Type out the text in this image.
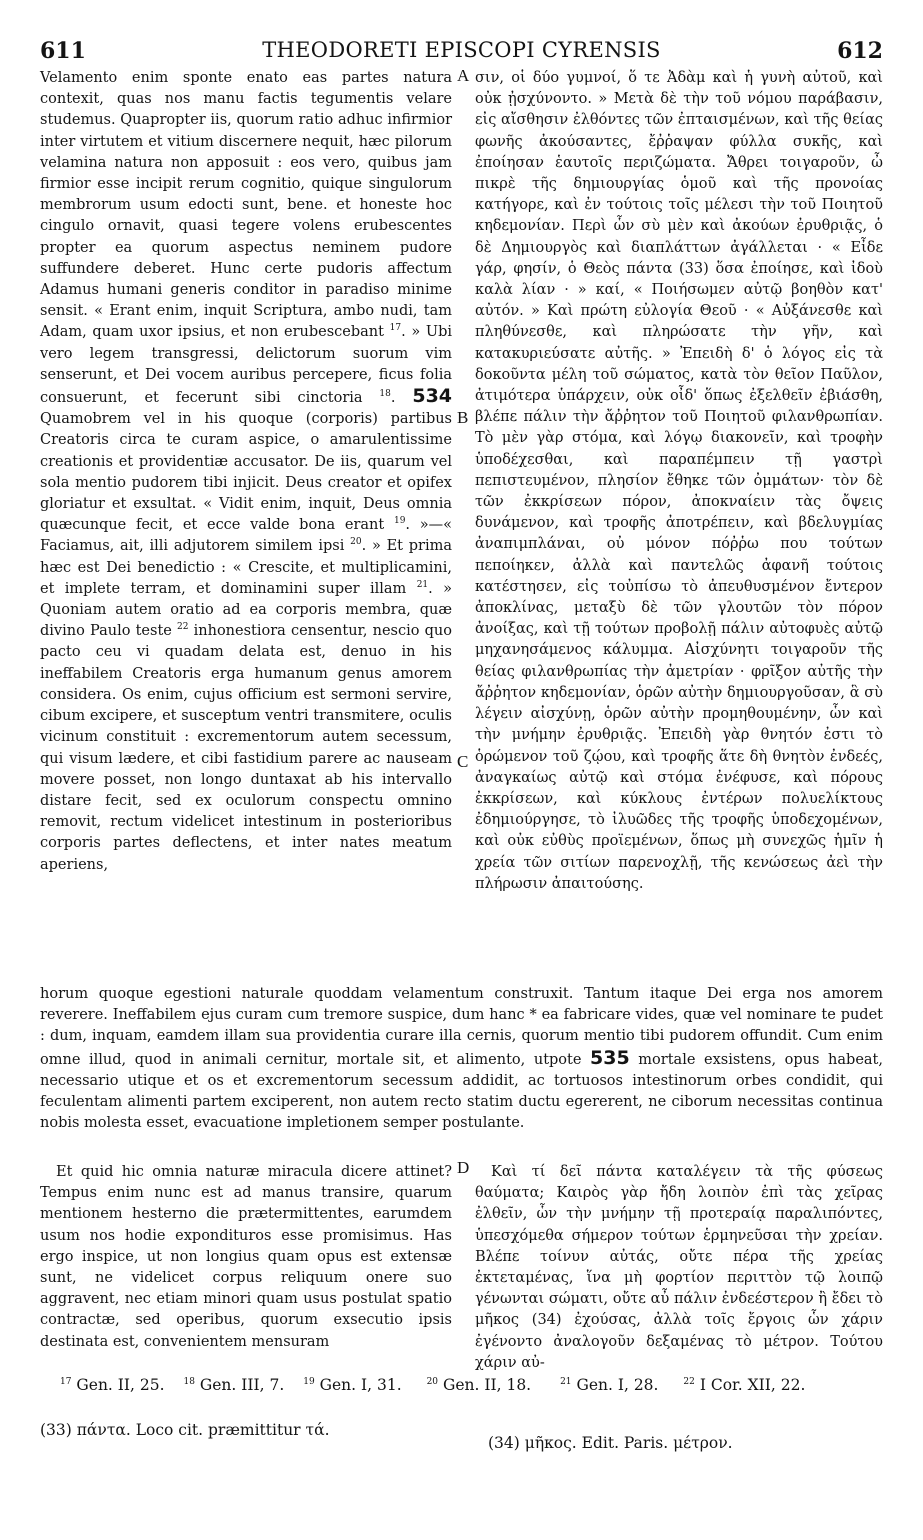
611	THEODORETI EPISCOPI CYRENSIS	612
Velamento enim sponte enato eas partes natura contexit, quas nos manu factis tegumentis velare studemus. Quapropter iis, quorum ratio adhuc infirmior inter virtutem et vitium discernere nequit, hæc pilorum velamina natura non apposuit : eos vero, quibus jam firmior esse incipit rerum cognitio, quique singulorum membrorum usum edocti sunt, bene. et honeste hoc cingulo ornavit, quasi tegere volens erubescentes propter ea quorum aspectus neminem pudore suffundere deberet. Hunc certe pudoris affectum Adamus humani generis conditor in paradiso minime sensit. « Erant enim, inquit Scriptura, ambo nudi, tam Adam, quam uxor ipsius, et non erubescebant $^{17}$. » Ubi vero legem transgressi, delictorum suorum vim senserunt, et Dei vocem auribus percepere, ficus folia consuerunt, et fecerunt sibi cinctoria $^{18}$. 534 Quamobrem vel in his quoque (corporis) partibus Creatoris circa te curam aspice, o amarulentissime creationis et providentiæ accusator. De iis, quarum vel sola mentio pudorem tibi injicit. Deus creator et opifex gloriatur et exsultat. « Vidit enim, inquit, Deus omnia quæcunque fecit, et ecce valde bona erant $^{19}$. »—« Faciamus, ait, illi adjutorem similem ipsi $^{20}$. » Et prima hæc est Dei benedictio : « Crescite, et multiplicamini, et implete terram, et dominamini super illam $^{21}$. » Quoniam autem oratio ad ea corporis membra, quæ divino Paulo teste $^{22}$ inhonestiora censentur, nescio quo pacto ceu vi quadam delata est, denuo in his ineffabilem Creatoris erga humanum genus amorem considera. Os enim, cujus officium est sermoni servire, cibum excipere, et susceptum ventri transmitere, oculis vicinum constituit : excrementorum autem secessum, qui visum lædere, et cibi fastidium parere ac nauseam movere posset, non longo duntaxat ab his intervallo distare fecit, sed ex oculorum conspectu omnino removit, rectum videlicet intestinum in posterioribus corporis partes deflectens, et inter nates meatum aperiens,
σιν, οἱ δύο γυμνοί, ὅ τε Ἀδὰμ καὶ ἡ γυνὴ αὐτοῦ, καὶ οὐκ ᾐσχύνοντο. » Μετὰ δὲ τὴν τοῦ νόμου παράβασιν, εἰς αἴσθησιν ἐλθόντες τῶν ἐπταισμένων, καὶ τῆς θείας φωνῆς ἀκούσαντες, ἔῤῥαψαν φύλλα συκῆς, καὶ ἐποίησαν ἑαυτοῖς περιζώματα. Ἄθρει τοιγαροῦν, ὦ πικρὲ τῆς δημιουργίας ὁμοῦ καὶ τῆς προνοίας κατήγορε, καὶ ἐν τούτοις τοῖς μέλεσι τὴν τοῦ Ποιητοῦ κηδεμονίαν. Περὶ ὧν σὺ μὲν καὶ ἀκούων ἐρυθριᾷς, ὁ δὲ Δημιουργὸς καὶ διαπλάττων ἀγάλλεται · « Εἶδε γάρ, φησίν, ὁ Θεὸς πάντα (33) ὅσα ἐποίησε, καὶ ἰδοὺ καλὰ λίαν · » καί, « Ποιήσωμεν αὐτῷ βοηθὸν κατ' αὐτόν. » Καὶ πρώτη εὐλογία Θεοῦ · « Αὐξάνεσθε καὶ πληθύνεσθε, καὶ πληρώσατε τὴν γῆν, καὶ κατακυριεύσατε αὐτῆς. » Ἐπειδὴ δ' ὁ λόγος εἰς τὰ δοκοῦντα μέλη τοῦ σώματος, κατὰ τὸν θεῖον Παῦλον, ἀτιμότερα ὑπάρχειν, οὐκ οἶδ' ὅπως ἐξελθεῖν ἐβιάσθη, βλέπε πάλιν τὴν ἄῤῥητον τοῦ Ποιητοῦ φιλανθρωπίαν. Τὸ μὲν γὰρ στόμα, καὶ λόγῳ διακονεῖν, καὶ τροφὴν ὑποδέχεσθαι, καὶ παραπέμπειν τῇ γαστρὶ πεπιστευμένον, πλησίον ἔθηκε τῶν ὀμμάτων· τὸν δὲ τῶν ἐκκρίσεων πόρον, ἀποκναίειν τὰς ὄψεις δυνάμενον, καὶ τροφῆς ἀποτρέπειν, καὶ βδελυγμίας ἀναπιμπλάναι, οὐ μόνον πόῤῥω που τούτων πεποίηκεν, ἀλλὰ καὶ παντελῶς ἀφανῆ τούτοις κατέστησεν, εἰς τοὐπίσω τὸ ἀπευθυσμένον ἔντερον ἀποκλίνας, μεταξὺ δὲ τῶν γλουτῶν τὸν πόρον ἀνοίξας, καὶ τῇ τούτων προβολῇ πάλιν αὐτοφυὲς αὐτῷ μηχανησάμενος κάλυμμα. Αἰσχύνητι τοιγαροῦν τῆς θείας φιλανθρωπίας τὴν ἀμετρίαν · φρῖξον αὐτῆς τὴν ἄῤῥητον κηδεμονίαν, ὁρῶν αὐτὴν δημιουργοῦσαν, ἃ σὺ λέγειν αἰσχύνῃ, ὁρῶν αὐτὴν προμηθουμένην, ὧν καὶ τὴν μνήμην ἐρυθριᾷς. Ἐπειδὴ γὰρ θνητόν ἐστι τὸ ὁρώμενον τοῦ ζῴου, καὶ τροφῆς ἅτε δὴ θνητὸν ἐνδεές, ἀναγκαίως αὐτῷ καὶ στόμα ἐνέφυσε, καὶ πόρους ἐκκρίσεων, καὶ κύκλους ἐντέρων πολυελίκτους ἐδημιούργησε, τὸ ἰλυῶδες τῆς τροφῆς ὑποδεχομένων, καὶ οὐκ εὐθὺς προϊεμένων, ὅπως μὴ συνεχῶς ἡμῖν ἡ χρεία τῶν σιτίων παρενοχλῇ, τῆς κενώσεως ἀεὶ τὴν πλήρωσιν ἀπαιτούσης.
A
B
C
D
horum quoque egestioni naturale quoddam velamentum construxit. Tantum itaque Dei erga nos amorem reverere. Ineffabilem ejus curam cum tremore suspice, dum hanc * ea fabricare vides, quæ vel nominare te pudet : dum, inquam, eamdem illam sua providentia curare illa cernis, quorum mentio tibi pudorem offundit. Cum enim omne illud, quod in animali cernitur, mortale sit, et alimento, utpote 535 mortale exsistens, opus habeat, necessario utique et os et excrementorum secessum addidit, ac tortuosos intestinorum orbes condidit, qui feculentam alimenti partem exciperent, non autem recto statim ductu egererent, ne ciborum necessitas continua nobis molesta esset, evacuatione impletionem semper postulante.
Et quid hic omnia naturæ miracula dicere attinet? Tempus enim nunc est ad manus transire, quarum mentionem hesterno die prætermittentes, earumdem usum nos hodie expondituros esse promisimus. Has ergo inspice, ut non longius quam opus est extensæ sunt, ne videlicet corpus reliquum onere suo aggravent, nec etiam minori quam usus postulat spatio contractæ, sed operibus, quorum exsecutio ipsis destinata est, convenientem mensuram
Καὶ τί δεῖ πάντα καταλέγειν τὰ τῆς φύσεως θαύματα; Καιρὸς γὰρ ἤδη λοιπὸν ἐπὶ τὰς χεῖρας ἐλθεῖν, ὧν τὴν μνήμην τῇ προτεραίᾳ παραλιπόντες, ὑπεσχόμεθα σήμερον τούτων ἑρμηνεῦσαι τὴν χρείαν. Βλέπε τοίνυν αὐτάς, οὔτε πέρα τῆς χρείας ἐκτεταμένας, ἵνα μὴ φορτίον περιττὸν τῷ λοιπῷ γένωνται σώματι, οὔτε αὖ πάλιν ἐνδεέστερον ἢ ἔδει τὸ μῆκος (34) ἐχούσας, ἀλλὰ τοῖς ἔργοις ὧν χάριν ἐγένοντο ἀναλογοῦν δεξαμένας τὸ μέτρον. Τούτου χάριν αὐ-
$^{17}$ Gen. II, 25. $^{18}$ Gen. III, 7. $^{19}$ Gen. I, 31.	$^{20}$ Gen. II, 18.	$^{21}$ Gen. I, 28.	$^{22}$ I Cor. XII, 22.
(33) πάντα. Loco cit. præmittitur τά.
(34) μῆκος. Edit. Paris. μέτρον.
